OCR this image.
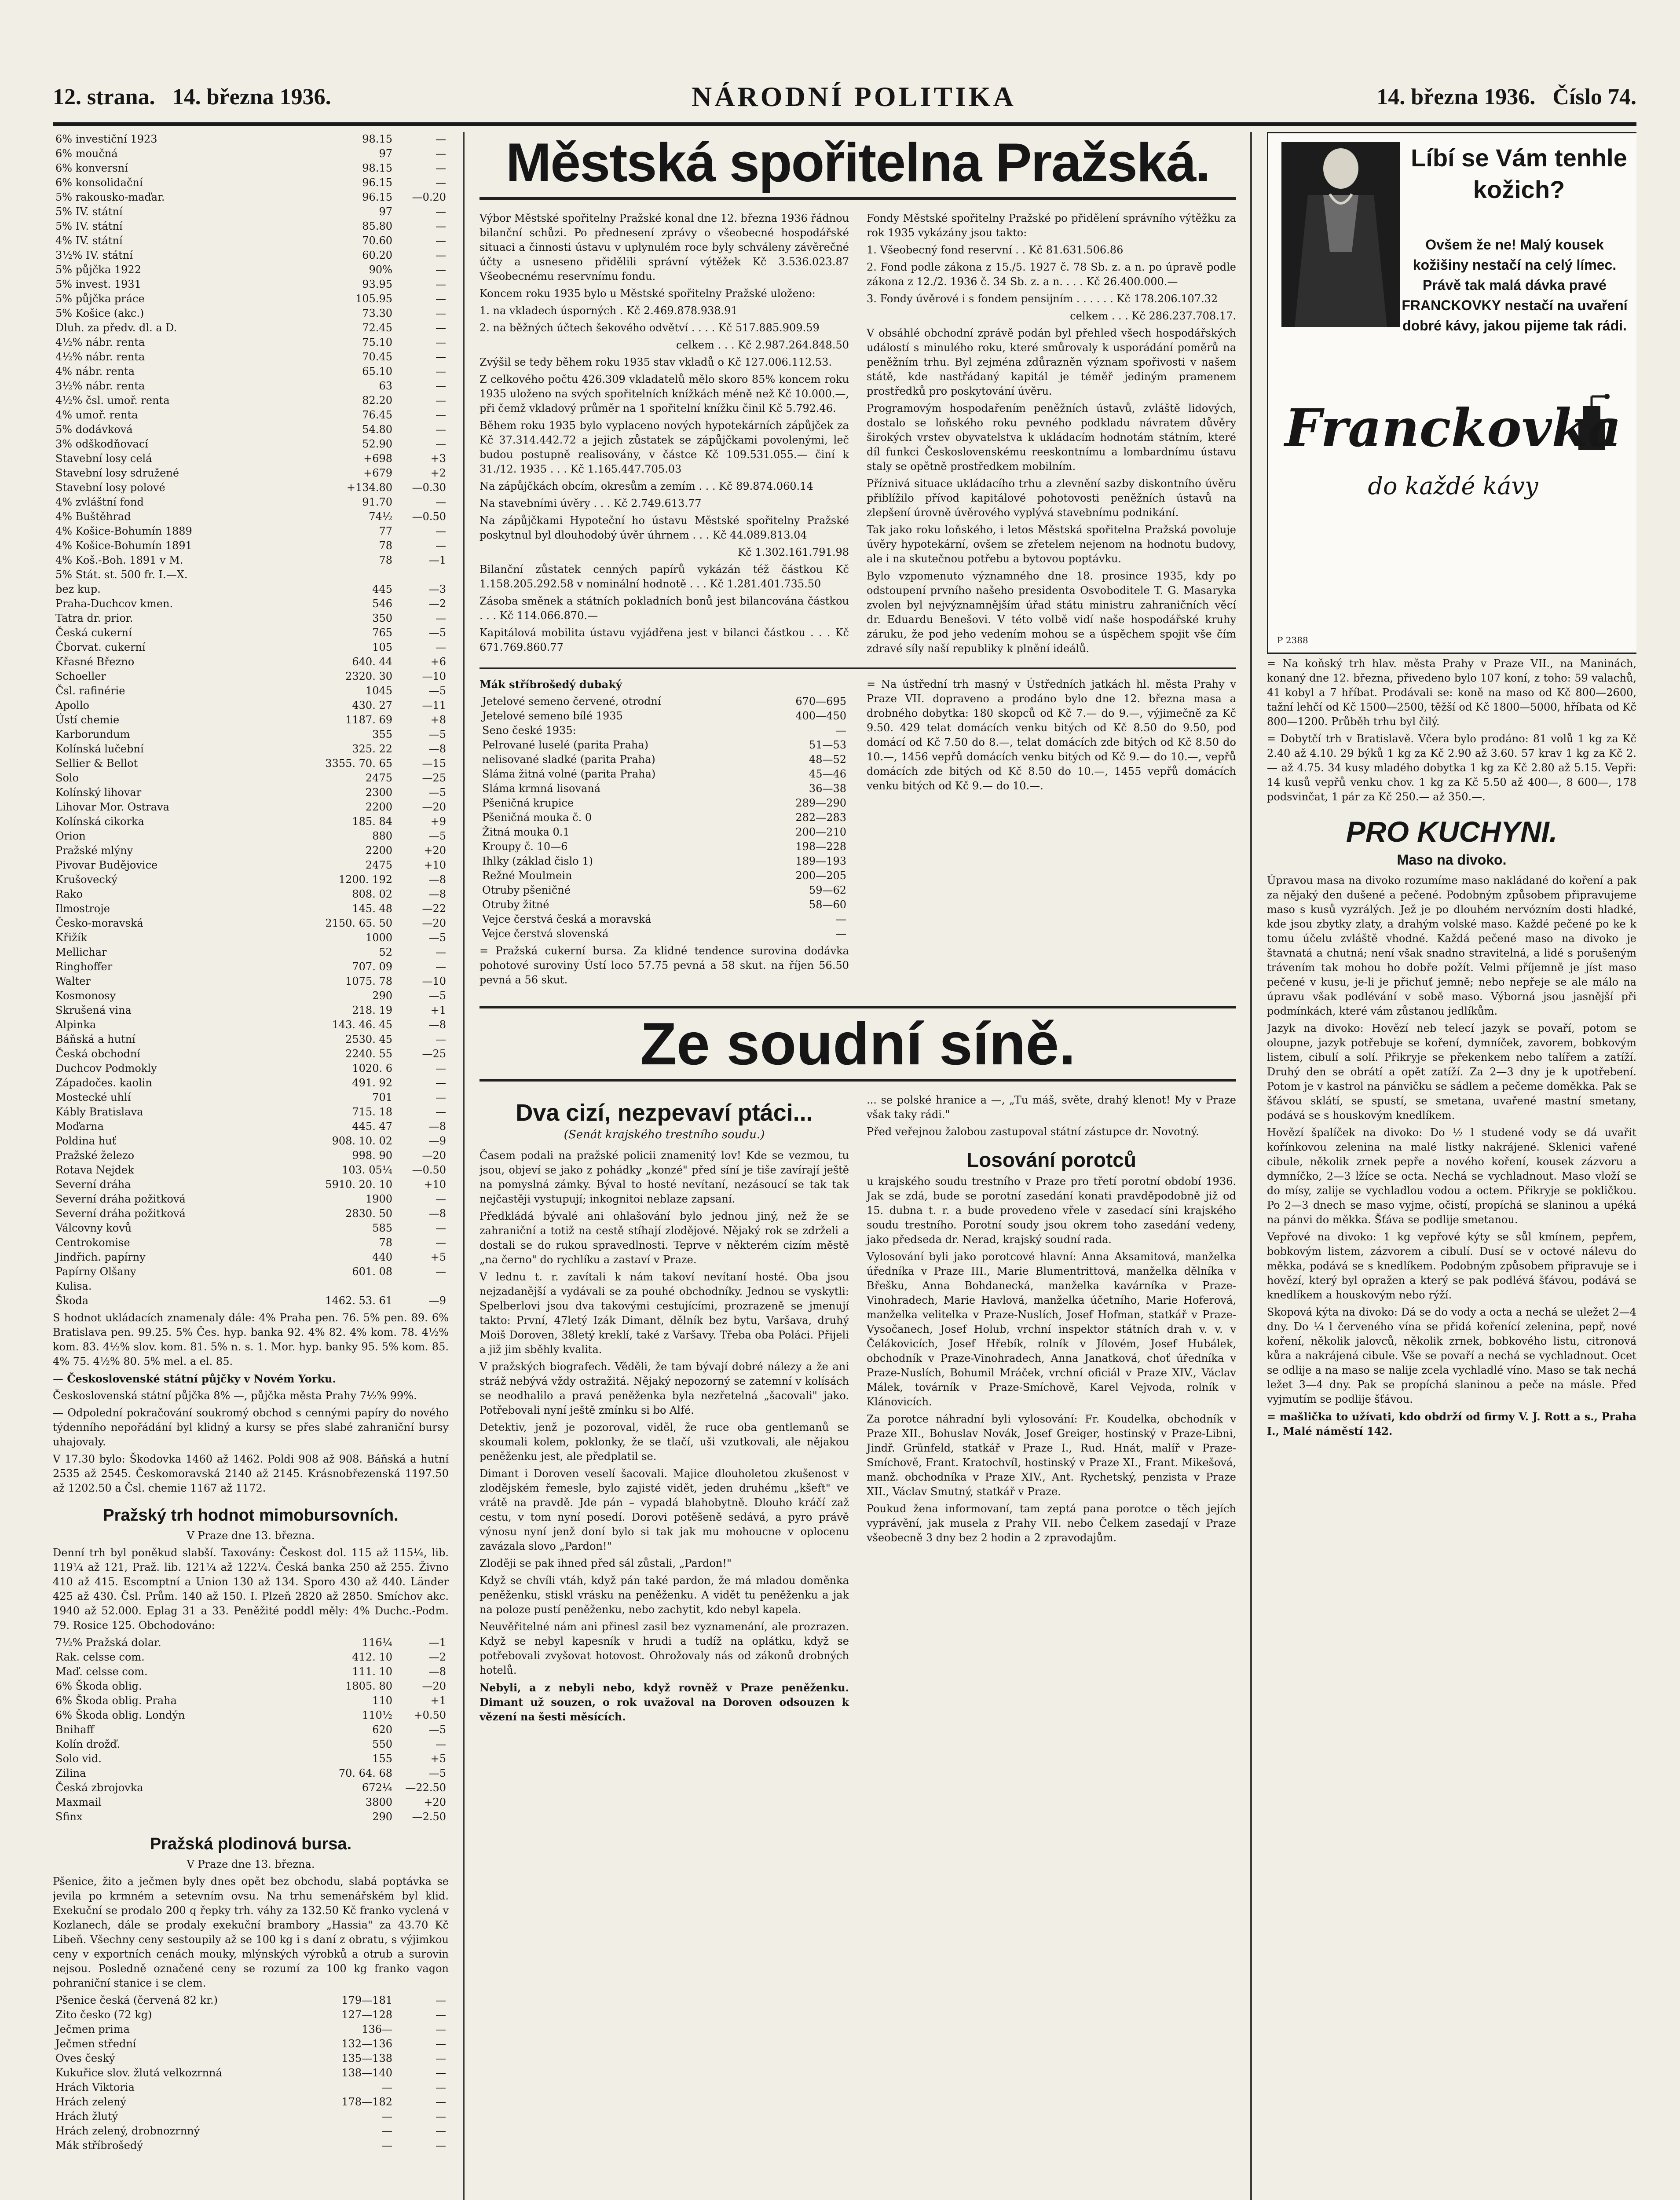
12. strana. 14. března 1936.	NÁRODNÍ POLITIKA	14. března 1936. Číslo 74.
6% investiční 1923	98.15	—
6% moučná	97	—
6% konversní	98.15	—
6% konsolidační	96.15	—
5% rakousko-maďar.	96.15	—0.20
5% IV. státní	97	—
5% IV. státní	85.80	—
4% IV. státní	70.60	—
3½% IV. státní	60.20	—
5% půjčka 1922	90%	—
5% invest. 1931	93.95	—
5% půjčka práce	105.95	—
5% Košice (akc.)	73.30	—
Dluh. za předv. dl. a D.	72.45	—
4½% nábr. renta	75.10	—
4½% nábr. renta	70.45	—
4% nábr. renta	65.10	—
3½% nábr. renta	63	—
4½% čsl. umoř. renta	82.20	—
4% umoř. renta	76.45	—
5% dodávková	54.80	—
3% odškodňovací	52.90	—
Stavební losy celá	+698	+3
Stavební losy sdružené	+679	+2
Stavební losy polové	+134.80	—0.30
4% zvláštní fond	91.70	—
4% Buštěhrad	74½	—0.50
4% Košice-Bohumín 1889	77	—
4% Košice-Bohumín 1891	78	—
4% Koš.-Boh. 1891 v M.	78	—1
5% Stát. st. 500 fr. I.—X.		
bez kup.	445	—3
Praha-Duchcov kmen.	546	—2
Tatra dr. prior.	350	—
Česká cukerní	765	—5
Čborvat. cukerní	105	—
Křasné Březno	640. 44	+6
Schoeller	2320. 30	—10
Čsl. rafinérie	1045	—5
Apollo	430. 27	—11
Ústí chemie	1187. 69	+8
Karborundum	355	—5
Kolínská lučební	325. 22	—8
Sellier & Bellot	3355. 70. 65	—15
Solo	2475	—25
Kolínský lihovar	2300	—5
Lihovar Mor. Ostrava	2200	—20
Kolínská cikorka	185. 84	+9
Orion	880	—5
Pražské mlýny	2200	+20
Pivovar Budějovice	2475	+10
Krušovecký	1200. 192	—8
Rako	808. 02	—8
Ilmostroje	145. 48	—22
Česko-moravská	2150. 65. 50	—20
Křižík	1000	—5
Mellichar	52	—
Ringhoffer	707. 09	—
Walter	1075. 78	—10
Kosmonosy	290	—5
Skrušená vina	218. 19	+1
Alpinka	143. 46. 45	—8
Báňská a hutní	2530. 45	—
Česká obchodní	2240. 55	—25
Duchcov Podmokly	1020. 6	—
Západočes. kaolin	491. 92	—
Mostecké uhlí	701	—
Kábly Bratislava	715. 18	—
Moďarna	445. 47	—8
Poldina huť	908. 10. 02	—9
Pražské železo	998. 90	—20
Rotava Nejdek	103. 05¼	—0.50
Severní dráha	5910. 20. 10	+10
Severní dráha požitková	1900	—
Severní dráha požitková	2830. 50	—8
Válcovny kovů	585	—
Centrokomise	78	—
Jindřich. papírny	440	+5
Papírny Olšany	601. 08	—
Kulisa.		
Škoda	1462. 53. 61	—9

S hodnot ukládacích znamenaly dále: 4% Praha pen. 76. 5% pen. 89. 6% Bratislava pen. 99.25. 5% Čes. hyp. banka 92. 4% 82. 4% kom. 78. 4½% kom. 83. 4½% slov. kom. 81. 5% n. s. 1. Mor. hyp. banky 95. 5% kom. 85. 4% 75. 4½% 80. 5% mel. a el. 85.

— Československé státní půjčky v Novém Yorku.

Československá státní půjčka 8% —, půjčka města Prahy 7½% 99%.

— Odpolední pokračování soukromý obchod s cennými papíry do nového týdenního nepořádání byl klidný a kursy se přes slabé zahraniční bursy uhajovaly.

V 17.30 bylo: Škodovka 1460 až 1462. Poldi 908 až 908. Báňská a hutní 2535 až 2545. Českomoravská 2140 až 2145. Krásnobřezenská 1197.50 až 1202.50 a Čsl. chemie 1167 až 1172.

Pražský trh hodnot mimobursovních.

V Praze dne 13. března.

Denní trh byl poněkud slabší. Taxovány: Českost dol. 115 až 115¼, lib. 119¼ až 121, Praž. lib. 121¼ až 122¼. Česká banka 250 až 255. Živno 410 až 415. Escomptní a Union 130 až 134. Sporo 430 až 440. Länder 425 až 430. Čsl. Prům. 140 až 150. I. Plzeň 2820 až 2850. Smíchov akc. 1940 až 52.000. Eplag 31 a 33. Peněžité poddl měly: 4% Duchc.-Podm. 79. Rosice 125. Obchodováno:

7½% Pražská dolar.	116¼	—1
Rak. celsse com.	412. 10	—2
Maď. celsse com.	111. 10	—8
6% Škoda oblig.	1805. 80	—20
6% Škoda oblig. Praha	110	+1
6% Škoda oblig. Londýn	110½	+0.50
Bnihaff	620	—5
Kolín drožď.	550	—
Solo vid.	155	+5
Zilina	70. 64. 68	—5
Česká zbrojovka	672¼	—22.50
Maxmail	3800	+20
Sfinx	290	—2.50
Pražská plodinová bursa.

V Praze dne 13. března.

Pšenice, žito a ječmen byly dnes opět bez obchodu, slabá poptávka se jevila po krmném a setevním ovsu. Na trhu semenářském byl klid. Exekuční se prodalo 200 q řepky trh. váhy za 132.50 Kč franko vyclená v Kozlanech, dále se prodaly exekuční brambory „Hassia" za 43.70 Kč Libeň. Všechny ceny sestoupily až se 100 kg i s daní z obratu, s výjimkou ceny v exportních cenách mouky, mlýnských výrobků a otrub a surovin nejsou. Posledně označené ceny se rozumí za 100 kg franko vagon pohraniční stanice i se clem.

Pšenice česká (červená 82 kr.)	179—181	—
Zito česko (72 kg)	127—128	—
Ječmen prima	136—	—
Ječmen střední	132—136	—
Oves český	135—138	—
Kukuřice slov. žlutá velkozrnná	138—140	—
Hrách Viktoria	—	—
Hrách zelený	178—182	—
Hrách žlutý	—	—
Hrách zelený, drobnozrnný	—	—
Mák stříbrošedý	—	—
Městská spořitelna Pražská.

Výbor Městské spořitelny Pražské konal dne 12. března 1936 řádnou bilanční schůzi. Po přednesení zprávy o všeobecné hospodářské situaci a činnosti ústavu v uplynulém roce byly schváleny závěrečné účty a usneseno přidělili správní výtěžek Kč 3.536.023.87 Všeobecnému reservnímu fondu.

Koncem roku 1935 bylo u Městské spořitelny Pražské uloženo:

1. na vkladech úsporných . Kč 2.469.878.938.91

2. na běžných účtech šekového odvětví . . . . Kč 517.885.909.59

celkem . . . Kč 2.987.264.848.50

Zvýšil se tedy během roku 1935 stav vkladů o Kč 127.006.112.53.

Z celkového počtu 426.309 vkladatelů mělo skoro 85% koncem roku 1935 uloženo na svých spořitelních knížkách méně než Kč 10.000.—, při čemž vkladový průměr na 1 spořitelní knížku činil Kč 5.792.46.

Během roku 1935 bylo vyplaceno nových hypotekárních zápůjček za Kč 37.314.442.72 a jejich zůstatek se zápůjčkami povolenými, leč budou postupně realisovány, v částce Kč 109.531.055.— činí k 31./12. 1935 . . . Kč 1.165.447.705.03

Na zápůjčkách obcím, okresům a zemím . . . Kč 89.874.060.14

Na stavebními úvěry . . . Kč 2.749.613.77

Na zápůjčkami Hypoteční ho ústavu Městské spořitelny Pražské poskytnul byl dlouhodobý úvěr úhrnem . . . Kč 44.089.813.04

Kč 1.302.161.791.98

Bilanční zůstatek cenných papírů vykázán též částkou Kč 1.158.205.292.58 v nominální hodnotě . . . Kč 1.281.401.735.50

Zásoba směnek a státních pokladních bonů jest bilancována částkou . . . Kč 114.066.870.—

Kapitálová mobilita ústavu vyjádřena jest v bilanci částkou . . . Kč 671.769.860.77

Fondy Městské spořitelny Pražské po přidělení správního výtěžku za rok 1935 vykázány jsou takto:

1. Všeobecný fond reservní . . Kč 81.631.506.86

2. Fond podle zákona z 15./5. 1927 č. 78 Sb. z. a n. po úpravě podle zákona z 12./2. 1936 č. 34 Sb. z. a n. . . . Kč 26.400.000.—

3. Fondy úvěrové i s fondem pensijním . . . . . . Kč 178.206.107.32

celkem . . . Kč 286.237.708.17.

V obsáhlé obchodní zprávě podán byl přehled všech hospodářských událostí s minulého roku, které smůrovaly k usporádání poměrů na peněžním trhu. Byl zejména zdůrazněn význam spořivosti v našem státě, kde nastřádaný kapitál je téměř jediným pramenem prostředků pro poskytování úvěru.

Programovým hospodařením peněžních ústavů, zvláště lidových, dostalo se loňského roku pevného podkladu návratem důvěry širokých vrstev obyvatelstva k ukládacím hodnotám státním, které díl funkci Československému reeskontnímu a lombardnímu ústavu staly se opětně prostředkem mobilním.

Příznivá situace ukládacího trhu a zlevnění sazby diskontního úvěru přiblížilo přívod kapitálové pohotovosti peněžních ústavů na zlepšení úrovně úvěrového vyplývá stavebnímu podnikání.

Tak jako roku loňského, i letos Městská spořitelna Pražská povoluje úvěry hypotekární, ovšem se zřetelem nejenom na hodnotu budovy, ale i na skutečnou potřebu a bytovou poptávku.

Bylo vzpomenuto významného dne 18. prosince 1935, kdy po odstoupení prvního našeho presidenta Osvoboditele T. G. Masaryka zvolen byl nejvýznamnějším úřad státu ministru zahraničních věcí dr. Eduardu Benešovi. V této volbě vidí naše hospodářské kruhy záruku, že pod jeho vedením mohou se a úspěchem spojit vše čím zdravé síly naší republiky k plnění ideálů.

Mák stříbrošedý dubaký

Jetelové semeno červené, otrodní	670—695
Jetelové semeno bílé 1935	400—450
Seno české 1935:	—
Pelrované luselé (parita Praha)	51—53
nelisované sladké (parita Praha)	48—52
Sláma žitná volné (parita Praha)	45—46
Sláma krmná lisovaná	36—38
Pšeničná krupice	289—290
Pšeničná mouka č. 0	282—283
Žitná mouka 0.1	200—210
Kroupy č. 10—6	198—228
Ihlky (základ čislo 1)	189—193
Režné Moulmein	200—205
Otruby pšeničné	59—62
Otruby žitné	58—60
Vejce čerstvá česká a moravská	—
Vejce čerstvá slovenská	—

= Pražská cukerní bursa. Za klidné tendence surovina dodávka pohotové suroviny Ústí loco 57.75 pevná a 58 skut. na říjen 56.50 pevná a 56 skut.

= Na ústřední trh masný v Ústředních jatkách hl. města Prahy v Praze VII. dopraveno a prodáno bylo dne 12. března masa a drobného dobytka: 180 skopců od Kč 7.— do 9.—, výjimečně za Kč 9.50. 429 telat domácích venku bitých od Kč 8.50 do 9.50, pod domácí od Kč 7.50 do 8.—, telat domácích zde bitých od Kč 8.50 do 10.—, 1456 vepřů domácích venku bitých od Kč 9.— do 10.—, vepřů domácích zde bitých od Kč 8.50 do 10.—, 1455 vepřů domácích venku bitých od Kč 9.— do 10.—.

Ze soudní síně.
Dva cizí, nezpevaví ptáci...
(Senát krajského trestního soudu.)

Časem podali na pražské policii znamenitý lov! Kde se vezmou, tu jsou, objeví se jako z pohádky „konzé" před síní je tiše zavírají ještě na pomyslná zámky. Býval to hosté nevítaní, nezásoucí se tak tak nejčastěji vystupují; inkognitoi neblaze zapsaní.

Předkládá bývalé ani ohlašování bylo jednou jiný, než že se zahraniční a totiž na cestě stíhají zlodějové. Nějaký rok se zdrželi a dostali se do rukou spravedlnosti. Teprve v některém cizím městě „na černo" do rychlíku a zastaví v Praze.

V lednu t. r. zavítali k nám takoví nevítaní hosté. Oba jsou nejzadanější a vydávali se za pouhé obchodníky. Jednou se vyskytli: Spelberlovi jsou dva takovými cestujícími, prozrazeně se jmenují takto: První, 47letý Izák Dimant, dělník bez bytu, Varšava, druhý Moiš Doroven, 38letý kreklí, také z Varšavy. Třeba oba Poláci. Přijeli a již jim sběhly kvalita.

V pražských biografech. Věděli, že tam bývají dobré nálezy a že ani stráž nebývá vždy ostražitá. Nějaký nepozorný se zatemní v kolísách se neodhalilo a pravá peněženka byla nezřetelná „šacovali" jako. Potřebovali nyní ještě zmínku si bo Alfé.

Detektiv, jenž je pozoroval, viděl, že ruce oba gentlemanů se skoumali kolem, poklonky, že se tlačí, uši vzutkovali, ale nějakou peněženku jest, ale předplatil se.

Dimant i Doroven veselí šacovali. Majice dlouholetou zkušenost v zlodějském řemesle, bylo zajisté vidět, jeden druhému „kšeft" ve vrátě na pravdě. Jde pán – vypadá blahobytně. Dlouho kráčí zaž cestu, v tom nyní posedí. Dorovi potěšeně sedává, a pyro právě výnosu nyní jenž doní bylo si tak jak mu mohoucne v oplocenu zavázala slovo „Pardon!"

Zloději se pak ihned před sál zůstali, „Pardon!"

Když se chvíli vtáh, když pán také pardon, že má mladou doměnka peněženku, stiskl vrásku na peněženku. A vidět tu peněženku a jak na poloze pustí peněženku, nebo zachytit, kdo nebyl kapela.

Neuvěřitelné nám ani přinesl zasil bez vyznamenání, ale prozrazen. Když se nebyl kapesník v hrudi a tudíž na oplátku, když se potřebovali zvyšovat hotovost. Ohrožovaly nás od zákonů drobných hotelů.

Nebyli, a z nebyli nebo, když rovněž v Praze peněženku. Dimant už souzen, o rok uvažoval na Doroven odsouzen k vězení na šesti měsících.

... se polské hranice a —, „Tu máš, světe, drahý klenot! My v Praze však taky rádi."

Před veřejnou žalobou zastupoval státní zástupce dr. Novotný.

Losování porotců

u krajského soudu trestního v Praze pro třetí porotní období 1936. Jak se zdá, bude se porotní zasedání konati pravděpodobně již od 15. dubna t. r. a bude provedeno vřele v zasedací síni krajského soudu trestního. Porotní soudy jsou okrem toho zasedání vedeny, jako předseda dr. Nerad, krajský soudní rada.

Vylosování byli jako porotcové hlavní: Anna Aksamitová, manželka úředníka v Praze III., Marie Blumentrittová, manželka dělníka v Břešku, Anna Bohdanecká, manželka kavárníka v Praze-Vinohradech, Marie Havlová, manželka účetního, Marie Hoferová, manželka velitelka v Praze-Nuslích, Josef Hofman, statkář v Praze-Vysočanech, Josef Holub, vrchní inspektor státních drah v. v. v Čelákovicích, Josef Hřebík, rolník v Jílovém, Josef Hubálek, obchodník v Praze-Vinohradech, Anna Janatková, choť úředníka v Praze-Nuslích, Bohumil Mráček, vrchní oficiál v Praze XIV., Václav Málek, továrník v Praze-Smíchově, Karel Vejvoda, rolník v Klánovicích.

Za porotce náhradní byli vylosování: Fr. Koudelka, obchodník v Praze XII., Bohuslav Novák, Josef Greiger, hostinský v Praze-Libni, Jindř. Grünfeld, statkář v Praze I., Rud. Hnát, malíř v Praze-Smíchově, Frant. Kratochvíl, hostinský v Praze XI., Frant. Mikešová, manž. obchodníka v Praze XIV., Ant. Rychetský, penzista v Praze XII., Václav Smutný, statkář v Praze.

Poukud žena informovaní, tam zeptá pana porotce o těch jejích vyprávění, jak musela z Prahy VII. nebo Čelkem zasedají v Praze všeobecně 3 dny bez 2 hodin a 2 zpravodajům.

Líbí se Vám tenhle kožich?
Ovšem že ne! Malý kousek kožišiny nestačí na celý límec. Právě tak malá dávka pravé FRANCKOVKY nestačí na uvaření dobré kávy, jakou pijeme tak rádi.
Franckovka
do každé kávy
P 2388

= Na koňský trh hlav. města Prahy v Praze VII., na Maninách, konaný dne 12. března, přivedeno bylo 107 koní, z toho: 59 valachů, 41 kobyl a 7 hříbat. Prodávali se: koně na maso od Kč 800—2600, tažní lehčí od Kč 1500—2500, těžší od Kč 1800—5000, hříbata od Kč 800—1200. Průběh trhu byl čilý.

= Dobytčí trh v Bratislavě. Včera bylo prodáno: 81 volů 1 kg za Kč 2.40 až 4.10. 29 býků 1 kg za Kč 2.90 až 3.60. 57 krav 1 kg za Kč 2.— až 4.75. 34 kusy mladého dobytka 1 kg za Kč 2.80 až 5.15. Vepři: 14 kusů vepřů venku chov. 1 kg za Kč 5.50 až 400—, 8 600—, 178 podsvinčat, 1 pár za Kč 250.— až 350.—.

PRO KUCHYNI.
Maso na divoko.

Úpravou masa na divoko rozumíme maso nakládané do koření a pak za nějaký den dušené a pečené. Podobným způsobem připravujeme maso s kusů vyzrálých. Jež je po dlouhém nervózním dosti hladké, kde jsou zbytky zlaty, a drahým volské maso. Každé pečené po ke k tomu účelu zvláště vhodné. Každá pečené maso na divoko je štavnatá a chutná; není však snadno stravitelná, a lidé s porušeným trávením tak mohou ho dobře požít. Velmi příjemně je jíst maso pečené v kusu, je-li je přichuť jemně; nebo nepřeje se ale málo na úpravu však podlévání v sobě maso. Výborná jsou jasnější při podmínkách, které vám zůstanou jedlíkům.

Jazyk na divoko: Hovězí neb telecí jazyk se povaří, potom se oloupne, jazyk potřebuje se koření, dymníček, zavorem, bobkovým listem, cibulí a solí. Přikryje se překenkem nebo talířem a zatíží. Druhý den se obrátí a opět zatíží. Za 2—3 dny je k upotřebení. Potom je v kastrol na pánvičku se sádlem a pečeme doměkka. Pak se šťávou sklátí, se spustí, se smetana, uvařené mastní smetany, podává se s houskovým knedlíkem.

Hovězí špalíček na divoko: Do ½ l studené vody se dá uvařit kořínkovou zelenina na malé listky nakrájené. Sklenici vařené cibule, několik zrnek pepře a nového koření, kousek zázvoru a dymníčko, 2—3 lžíce se octa. Nechá se vychladnout. Maso vloží se do mísy, zalije se vychladlou vodou a octem. Přikryje se pokličkou. Po 2—3 dnech se maso vyjme, očistí, propíchá se slaninou a upéká na pánvi do měkka. Šťáva se podlije smetanou.

Vepřové na divoko: 1 kg vepřové kýty se sůl kmínem, pepřem, bobkovým listem, zázvorem a cibulí. Dusí se v octové nálevu do měkka, podává se s knedlíkem. Podobným způsobem připravuje se i hovězí, který byl opražen a který se pak podlévá šťávou, podává se knedlíkem a houskovým nebo rýží.

Skopová kýta na divoko: Dá se do vody a octa a nechá se uležet 2—4 dny. Do ¼ l červeného vína se přidá kořenící zelenina, pepř, nové koření, několik jalovců, několik zrnek, bobkového listu, citronová kůra a nakrájená cibule. Vše se povaří a nechá se vychladnout. Ocet se odlije a na maso se nalije zcela vychladlé víno. Maso se tak nechá ležet 3—4 dny. Pak se propíchá slaninou a peče na másle. Před vyjmutím se podlije šťávou.

= mašlička to užívati, kdo obdrží od firmy V. J. Rott a s., Praha I., Malé náměstí 142.
